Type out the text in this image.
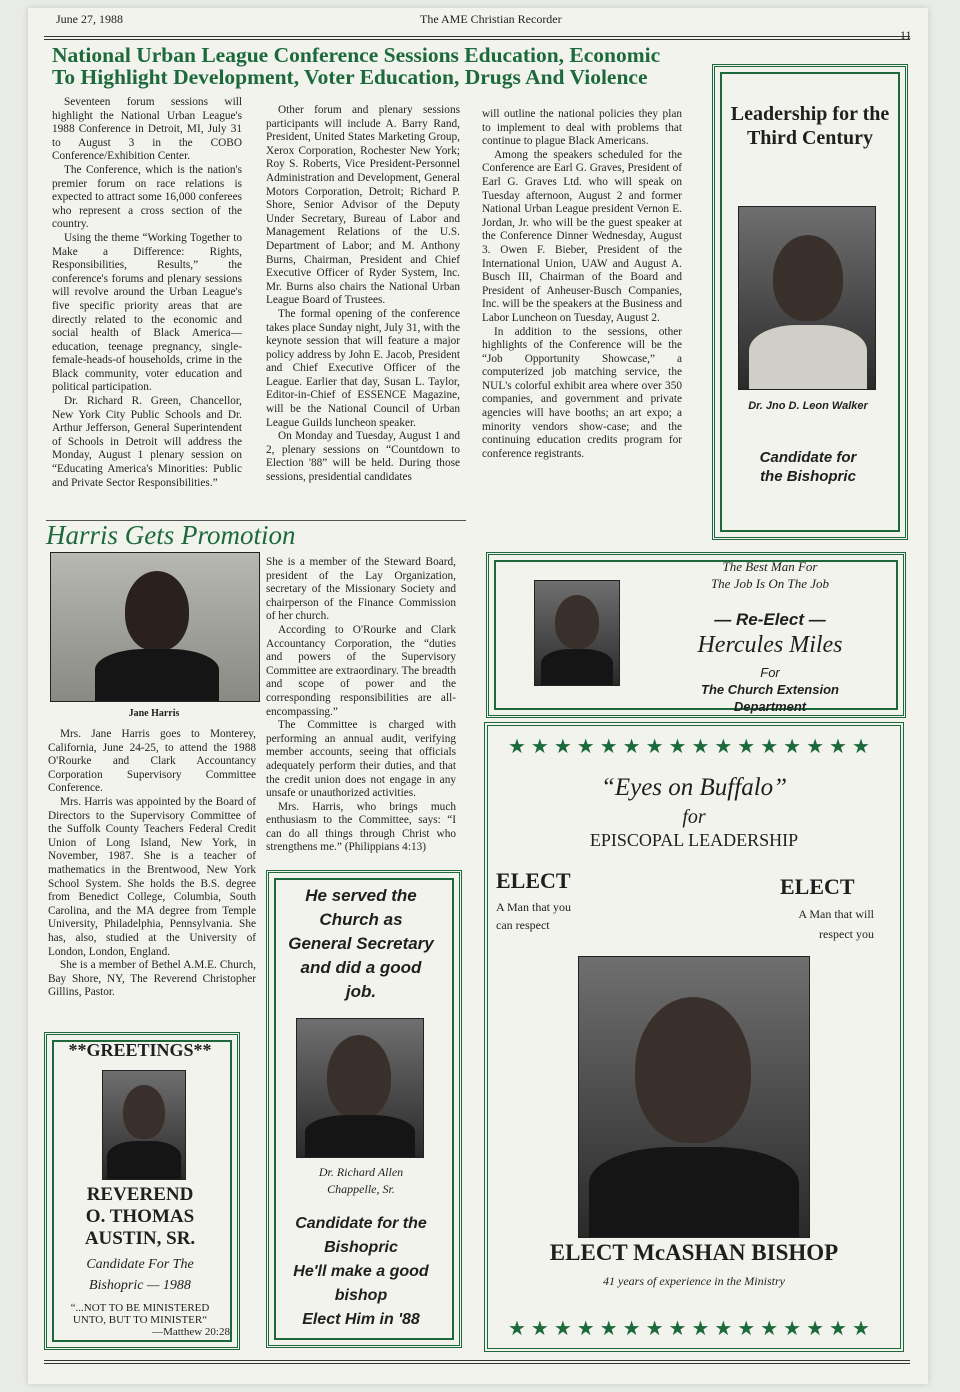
June 27, 1988	The AME Christian Recorder
11
National Urban League Conference Sessions Education, Economic
To Highlight Development, Voter Education, Drugs And Violence

Seventeen forum sessions will highlight the National Urban League's 1988 Conference in Detroit, MI, July 31 to August 3 in the COBO Conference/Exhibition Center.

The Conference, which is the nation's premier forum on race relations is expected to attract some 16,000 conferees who represent a cross section of the country.

Using the theme “Working Together to Make a Difference: Rights, Responsibilities, Results,” the conference's forums and plenary sessions will revolve around the Urban League's five specific priority areas that are directly related to the economic and social health of Black America—education, teenage pregnancy, single-female-heads-of households, crime in the Black community, voter education and political participation.

Dr. Richard R. Green, Chancellor, New York City Public Schools and Dr. Arthur Jefferson, General Superintendent of Schools in Detroit will address the Monday, August 1 plenary session on “Educating America's Minorities: Public and Private Sector Responsibilities.”

Other forum and plenary sessions participants will include A. Barry Rand, President, United States Marketing Group, Xerox Corporation, Rochester New York; Roy S. Roberts, Vice President-Personnel Administration and Development, General Motors Corporation, Detroit; Richard P. Shore, Senior Advisor of the Deputy Under Secretary, Bureau of Labor and Management Relations of the U.S. Department of Labor; and M. Anthony Burns, Chairman, President and Chief Executive Officer of Ryder System, Inc. Mr. Burns also chairs the National Urban League Board of Trustees.

The formal opening of the conference takes place Sunday night, July 31, with the keynote session that will feature a major policy address by John E. Jacob, President and Chief Executive Officer of the League. Earlier that day, Susan L. Taylor, Editor-in-Chief of ESSENCE Magazine, will be the National Council of Urban League Guilds luncheon speaker.

On Monday and Tuesday, August 1 and 2, plenary sessions on “Countdown to Election '88” will be held. During those sessions, presidential candidates

will outline the national policies they plan to implement to deal with problems that continue to plague Black Americans.

Among the speakers scheduled for the Conference are Earl G. Graves, President of Earl G. Graves Ltd. who will speak on Tuesday afternoon, August 2 and former National Urban League president Vernon E. Jordan, Jr. who will be the guest speaker at the Conference Dinner Wednesday, August 3. Owen F. Bieber, President of the International Union, UAW and August A. Busch III, Chairman of the Board and President of Anheuser-Busch Companies, Inc. will be the speakers at the Business and Labor Luncheon on Tuesday, August 2.

In addition to the sessions, other highlights of the Conference will be the “Job Opportunity Showcase,” a computerized job matching service, the NUL's colorful exhibit area where over 350 companies, and government and private agencies will have booths; an art expo; a minority vendors show-case; and the continuing education credits program for conference registrants.

Leadership for the Third Century
Dr. Jno D. Leon Walker
Candidate for the Bishopric
Harris Gets Promotion
Jane Harris

Mrs. Jane Harris goes to Monterey, California, June 24-25, to attend the 1988 O'Rourke and Clark Accountancy Corporation Supervisory Committee Conference.

Mrs. Harris was appointed by the Board of Directors to the Supervisory Committee of the Suffolk County Teachers Federal Credit Union of Long Island, New York, in November, 1987. She is a teacher of mathematics in the Brentwood, New York School System. She holds the B.S. degree from Benedict College, Columbia, South Carolina, and the MA degree from Temple University, Philadelphia, Pennsylvania. She has, also, studied at the University of London, London, England.

She is a member of Bethel A.M.E. Church, Bay Shore, NY, The Reverend Christopher Gillins, Pastor.

She is a member of the Steward Board, president of the Lay Organization, secretary of the Missionary Society and chairperson of the Finance Commission of her church.

According to O'Rourke and Clark Accountancy Corporation, the “duties and powers of the Supervisory Committee are extraordinary. The breadth and scope of power and the corresponding responsibilities are all-encompassing.”

The Committee is charged with performing an annual audit, verifying member accounts, seeing that officials adequately perform their duties, and that the credit union does not engage in any unsafe or unauthorized activities.

Mrs. Harris, who brings much enthusiasm to the Committee, says: “I can do all things through Christ who strengthens me.” (Philippians 4:13)

The Best Man For
The Job Is On The Job
— Re-Elect —
Hercules Miles
For
The Church Extension
Department
★★★★★★★★★★★★★★★★
“Eyes on Buffalo”
for
EPISCOPAL LEADERSHIP
ELECT
A Man that you
can respect
ELECT
A Man that will
respect you
ELECT McASHAN BISHOP
41 years of experience in the Ministry
★★★★★★★★★★★★★★★★
**GREETINGS**
REVEREND
O. THOMAS
AUSTIN, SR.
Candidate For The
Bishopric — 1988
“...NOT TO BE MINISTERED
UNTO, BUT TO MINISTER“
—Matthew 20:28
He served the
Church as
General Secretary
and did a good
job.
Dr. Richard Allen
Chappelle, Sr.
Candidate for the
Bishopric
He'll make a good
bishop
Elect Him in '88
